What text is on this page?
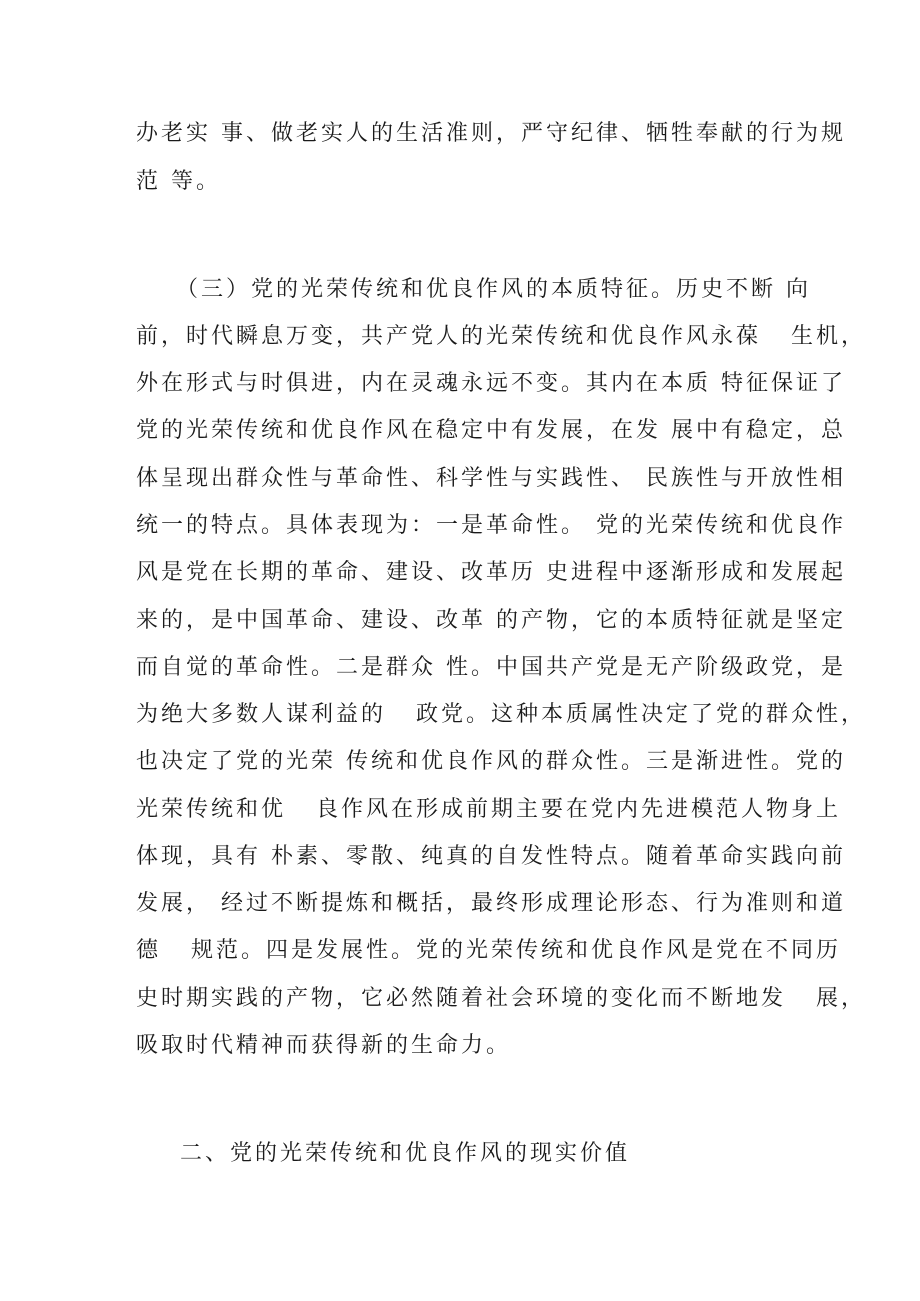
办老实 事、做老实人的生活准则，严守纪律、牺牲奉献的行为规
范 等。
（三）党的光荣传统和优良作风的本质特征。历史不断 向
前，时代瞬息万变，共产党人的光荣传统和优良作风永葆   生机，
外在形式与时俱进，内在灵魂永远不变。其内在本质 特征保证了
党的光荣传统和优良作风在稳定中有发展，在发 展中有稳定，总
体呈现出群众性与革命性、科学性与实践性、 民族性与开放性相
统一的特点。具体表现为：一是革命性。 党的光荣传统和优良作
风是党在长期的革命、建设、改革历 史进程中逐渐形成和发展起
来的，是中国革命、建设、改革 的产物，它的本质特征就是坚定
而自觉的革命性。二是群众 性。中国共产党是无产阶级政党，是
为绝大多数人谋利益的   政党。这种本质属性决定了党的群众性，
也决定了党的光荣 传统和优良作风的群众性。三是渐进性。党的
光荣传统和优   良作风在形成前期主要在党内先进模范人物身上
体现，具有 朴素、零散、纯真的自发性特点。随着革命实践向前
发展， 经过不断提炼和概括，最终形成理论形态、行为准则和道
德   规范。四是发展性。党的光荣传统和优良作风是党在不同历
史时期实践的产物，它必然随着社会环境的变化而不断地发   展，
吸取时代精神而获得新的生命力。
二、党的光荣传统和优良作风的现实价值
